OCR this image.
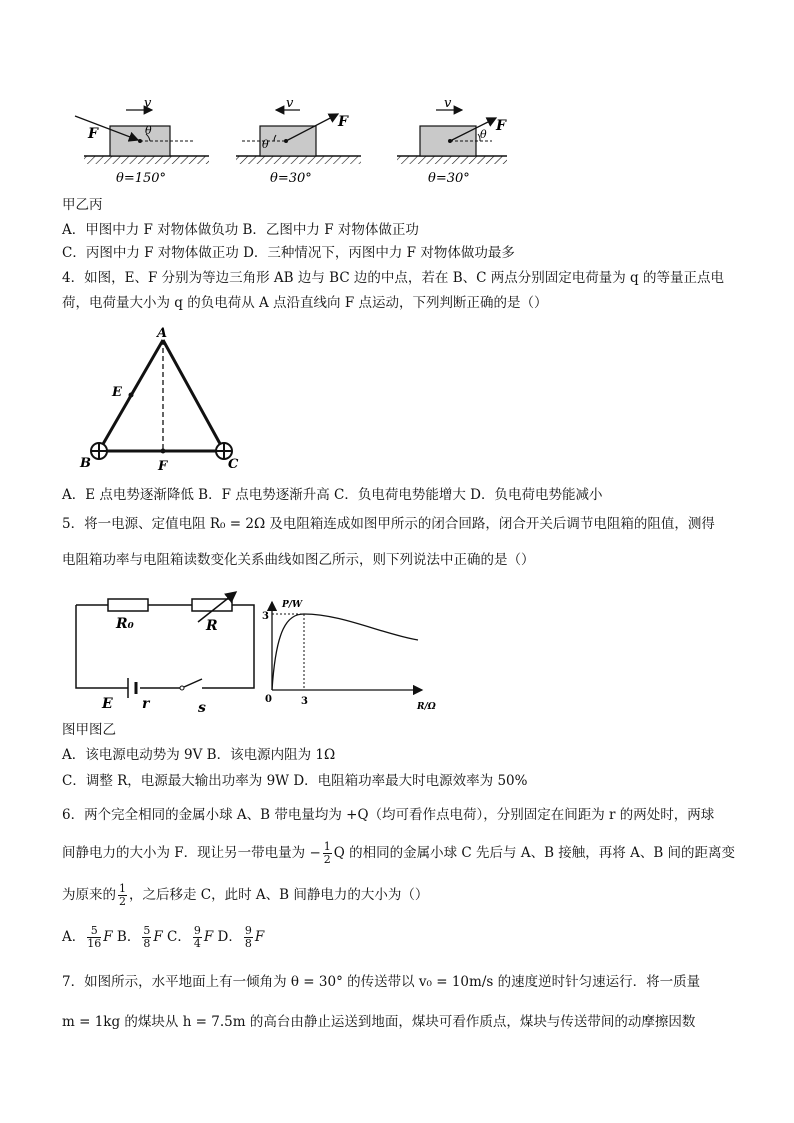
v
F	θ
θ=150°
v
F
θ
θ=30°
v
F
θ
θ=30°
甲乙丙
A．甲图中力 F 对物体做负功 B．乙图中力 F 对物体做正功
C．丙图中力 F 对物体做正功 D．三种情况下，丙图中力 F 对物体做功最多
4．如图，E、F 分别为等边三角形 AB 边与 BC 边的中点，若在 B、C 两点分别固定电荷量为 q 的等量正点电
荷，电荷量大小为 q 的负电荷从 A 点沿直线向 F 点运动，下列判断正确的是（）
A
E
B	F	C
A．E 点电势逐渐降低 B．F 点电势逐渐升高 C．负电荷电势能增大 D．负电荷电势能减小
5．将一电源、定值电阻 R₀ = 2Ω 及电阻箱连成如图甲所示的闭合回路，闭合开关后调节电阻箱的阻值，测得
电阻箱功率与电阻箱读数变化关系曲线如图乙所示，则下列说法中正确的是（）
R₀	R
E r	s
P/W
3
0	3	R/Ω
图甲图乙
A．该电源电动势为 9V B．该电源内阻为 1Ω
C．调整 R，电源最大输出功率为 9W D．电阻箱功率最大时电源效率为 50%
6．两个完全相同的金属小球 A、B 带电量均为 +Q（均可看作点电荷），分别固定在间距为 r 的两处时，两球
间静电力的大小为 F．现让另一带电量为 − $\frac{1}{2}$ Q 的相同的金属小球 C 先后与 A、B 接触，再将 A、B 间的距离变
为原来的 $\frac{1}{2}$ ，之后移走 C，此时 A、B 间静电力的大小为（）
A． $\frac{5}{16}$ F B． $\frac{5}{8}$ F C． $\frac{9}{4}$ F D． $\frac{9}{8}$ F
7．如图所示，水平地面上有一倾角为 θ = 30° 的传送带以 v₀ = 10m/s 的速度逆时针匀速运行．将一质量
m = 1kg 的煤块从 h = 7.5m 的高台由静止运送到地面，煤块可看作质点，煤块与传送带间的动摩擦因数
